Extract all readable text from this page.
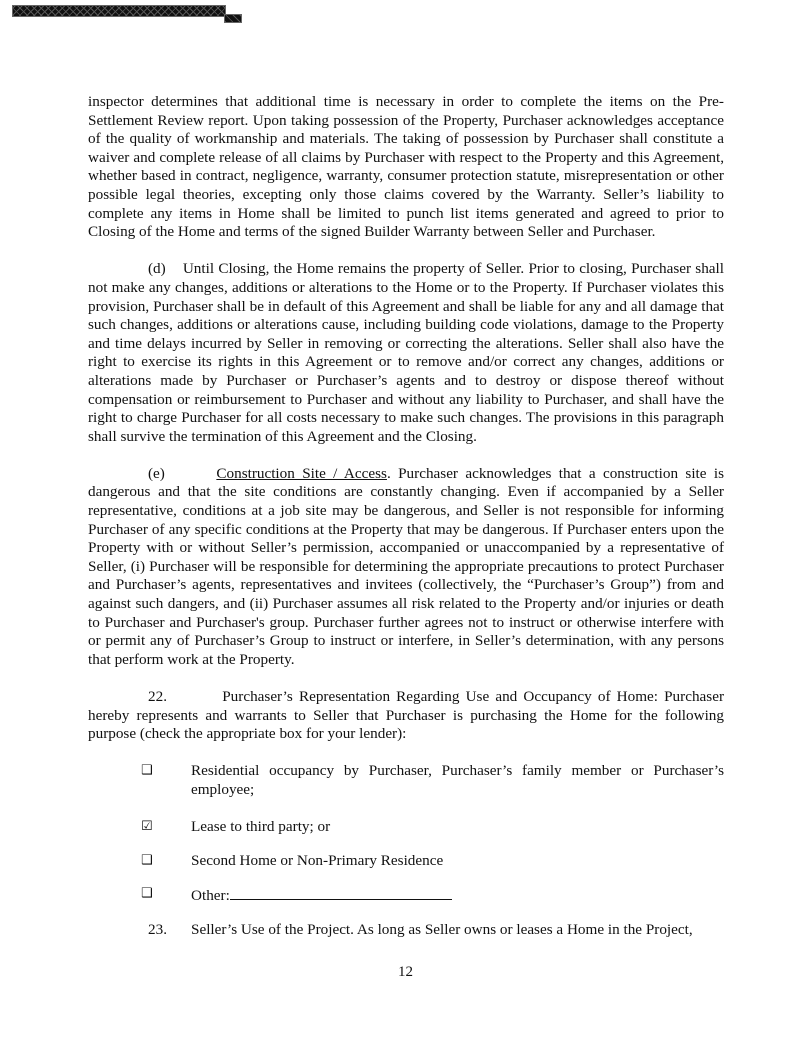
inspector determines that additional time is necessary in order to complete the items on the Pre-Settlement Review report. Upon taking possession of the Property, Purchaser acknowledges acceptance of the quality of workmanship and materials. The taking of possession by Purchaser shall constitute a waiver and complete release of all claims by Purchaser with respect to the Property and this Agreement, whether based in contract, negligence, warranty, consumer protection statute, misrepresentation or other possible legal theories, excepting only those claims covered by the Warranty. Seller’s liability to complete any items in Home shall be limited to punch list items generated and agreed to prior to Closing of the Home and terms of the signed Builder Warranty between Seller and Purchaser.

(d) Until Closing, the Home remains the property of Seller. Prior to closing, Purchaser shall not make any changes, additions or alterations to the Home or to the Property. If Purchaser violates this provision, Purchaser shall be in default of this Agreement and shall be liable for any and all damage that such changes, additions or alterations cause, including building code violations, damage to the Property and time delays incurred by Seller in removing or correcting the alterations. Seller shall also have the right to exercise its rights in this Agreement or to remove and/or correct any changes, additions or alterations made by Purchaser or Purchaser’s agents and to destroy or dispose thereof without compensation or reimbursement to Purchaser and without any liability to Purchaser, and shall have the right to charge Purchaser for all costs necessary to make such changes. The provisions in this paragraph shall survive the termination of this Agreement and the Closing.

(e)	Construction Site / Access. Purchaser acknowledges that a construction site is dangerous and that the site conditions are constantly changing. Even if accompanied by a Seller representative, conditions at a job site may be dangerous, and Seller is not responsible for informing Purchaser of any specific conditions at the Property that may be dangerous. If Purchaser enters upon the Property with or without Seller’s permission, accompanied or unaccompanied by a representative of Seller, (i) Purchaser will be responsible for determining the appropriate precautions to protect Purchaser and Purchaser’s agents, representatives and invitees (collectively, the “Purchaser’s Group”) from and against such dangers, and (ii) Purchaser assumes all risk related to the Property and/or injuries or death to Purchaser and Purchaser's group. Purchaser further agrees not to instruct or otherwise interfere with or permit any of Purchaser’s Group to instruct or interfere, in Seller’s determination, with any persons that perform work at the Property.

22.	Purchaser’s Representation Regarding Use and Occupancy of Home: Purchaser hereby represents and warrants to Seller that Purchaser is purchasing the Home for the following purpose (check the appropriate box for your lender):

❑	Residential occupancy by Purchaser, Purchaser’s family member or Purchaser’s employee;
☑	Lease to third party; or
❑	Second Home or Non-Primary Residence
❑	Other:
23. Seller’s Use of the Project. As long as Seller owns or leases a Home in the Project,
12
